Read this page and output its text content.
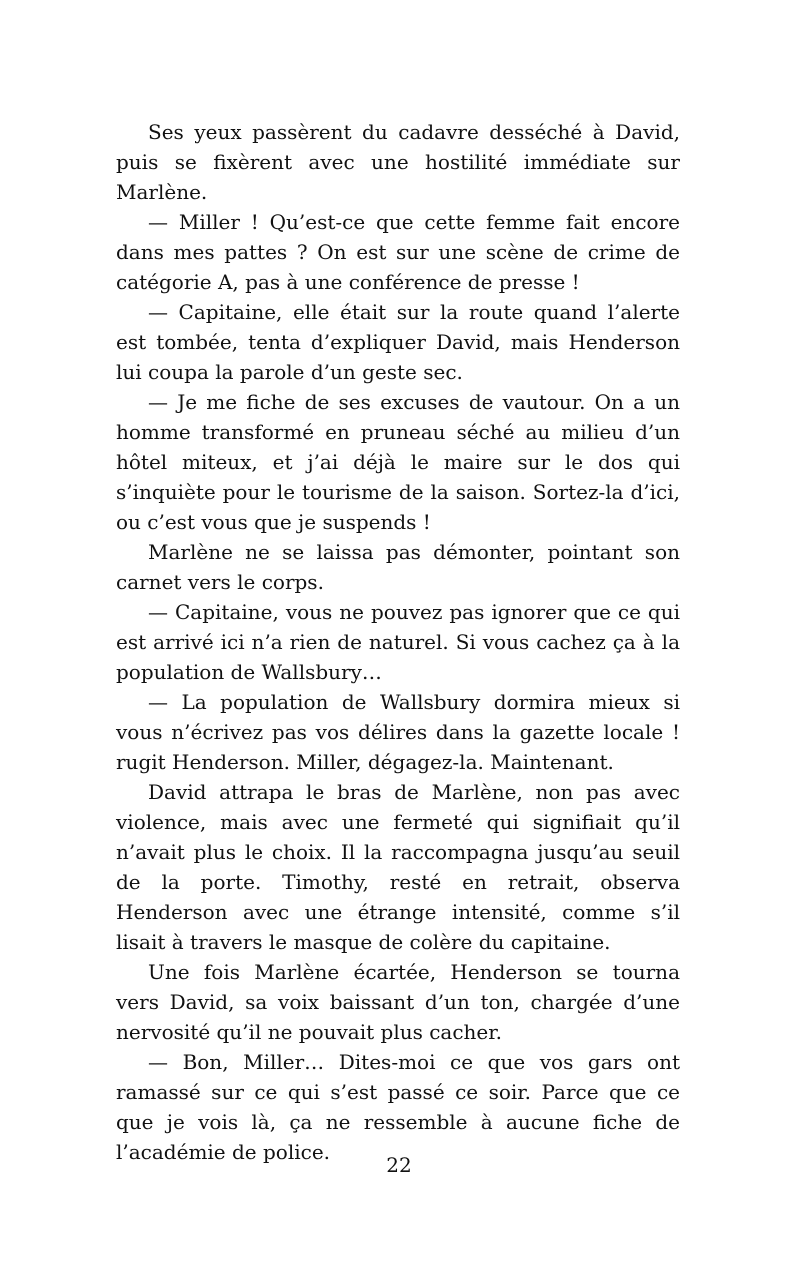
Ses yeux passèrent du cadavre desséché à David, puis se fixèrent avec une hostilité immédiate sur Marlène.

— Miller ! Qu’est-ce que cette femme fait encore dans mes pattes ? On est sur une scène de crime de catégorie A, pas à une conférence de presse !

— Capitaine, elle était sur la route quand l’alerte est tombée, tenta d’expliquer David, mais Henderson lui coupa la parole d’un geste sec.

— Je me fiche de ses excuses de vautour. On a un homme transformé en pruneau séché au milieu d’un hôtel miteux, et j’ai déjà le maire sur le dos qui s’inquiète pour le tourisme de la saison. Sortez-la d’ici, ou c’est vous que je suspends !

Marlène ne se laissa pas démonter, pointant son carnet vers le corps.

— Capitaine, vous ne pouvez pas ignorer que ce qui est arrivé ici n’a rien de naturel. Si vous cachez ça à la population de Wallsbury…

— La population de Wallsbury dormira mieux si vous n’écrivez pas vos délires dans la gazette locale ! rugit Henderson. Miller, dégagez-la. Maintenant.

David attrapa le bras de Marlène, non pas avec violence, mais avec une fermeté qui signifiait qu’il n’avait plus le choix. Il la raccompagna jusqu’au seuil de la porte. Timothy, resté en retrait, observa Henderson avec une étrange intensité, comme s’il lisait à travers le masque de colère du capitaine.

Une fois Marlène écartée, Henderson se tourna vers David, sa voix baissant d’un ton, chargée d’une nervosité qu’il ne pouvait plus cacher.

— Bon, Miller… Dites-moi ce que vos gars ont ramassé sur ce qui s’est passé ce soir. Parce que ce que je vois là, ça ne ressemble à aucune fiche de l’académie de police.

22
